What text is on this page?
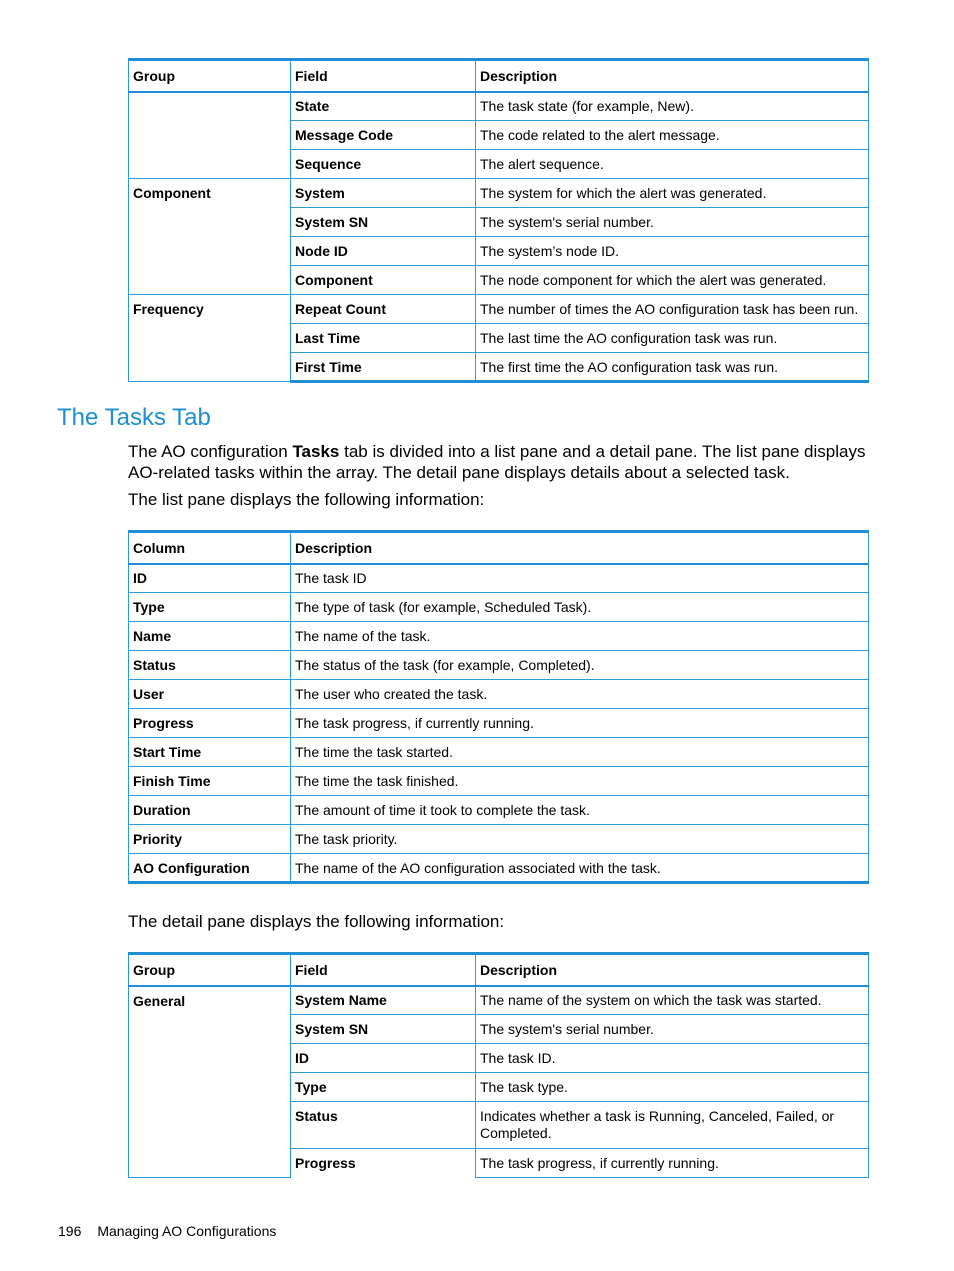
Group	Field	Description
	State	The task state (for example, New).
	Message Code	The code related to the alert message.
	Sequence	The alert sequence.
Component	System	The system for which the alert was generated.
	System SN	The system's serial number.
	Node ID	The system’s node ID.
	Component	The node component for which the alert was generated.
Frequency	Repeat Count	The number of times the AO configuration task has been run.
	Last Time	The last time the AO configuration task was run.
	First Time	The first time the AO configuration task was run.
The Tasks Tab

The AO configuration Tasks tab is divided into a list pane and a detail pane. The list pane displays AO-related tasks within the array. The detail pane displays details about a selected task.

The list pane displays the following information:

Column	Description
ID	The task ID
Type	The type of task (for example, Scheduled Task).
Name	The name of the task.
Status	The status of the task (for example, Completed).
User	The user who created the task.
Progress	The task progress, if currently running.
Start Time	The time the task started.
Finish Time	The time the task finished.
Duration	The amount of time it took to complete the task.
Priority	The task priority.
AO Configuration	The name of the AO configuration associated with the task.

The detail pane displays the following information:

Group	Field	Description
General	System Name	The name of the system on which the task was started.
	System SN	The system's serial number.
	ID	The task ID.
	Type	The task type.
	Status	Indicates whether a task is Running, Canceled, Failed, or Completed.
	Progress	The task progress, if currently running.
196 Managing AO Configurations
